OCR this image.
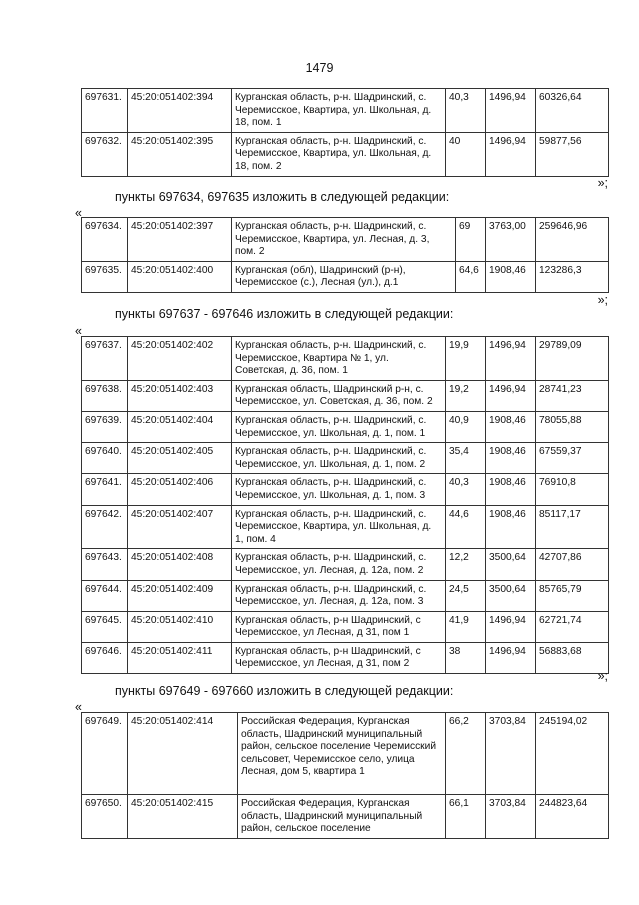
1479
697631.	45:20:051402:394	Курганская область, р-н. Шадринский, с. Черемисское, Квартира, ул. Школьная, д. 18, пом. 1	40,3	1496,94	60326,64
697632.	45:20:051402:395	Курганская область, р-н. Шадринский, с. Черемисское, Квартира, ул. Школьная, д. 18, пом. 2	40	1496,94	59877,56
»;
пункты 697634, 697635 изложить в следующей редакции:
«
697634.	45:20:051402:397	Курганская область, р-н. Шадринский, с. Черемисское, Квартира, ул. Лесная, д. 3, пом. 2	69	3763,00	259646,96
697635.	45:20:051402:400	Курганская (обл), Шадринский (р-н), Черемисское (с.), Лесная (ул.), д.1	64,6	1908,46	123286,3
»;
пункты 697637 - 697646 изложить в следующей редакции:
«
697637.	45:20:051402:402	Курганская область, р-н. Шадринский, с. Черемисское, Квартира № 1, ул. Советская, д. 36, пом. 1	19,9	1496,94	29789,09
697638.	45:20:051402:403	Курганская область, Шадринский р-н, с. Черемисское, ул. Советская, д. 36, пом. 2	19,2	1496,94	28741,23
697639.	45:20:051402:404	Курганская область, р-н. Шадринский, с. Черемисское, ул. Школьная, д. 1, пом. 1	40,9	1908,46	78055,88
697640.	45:20:051402:405	Курганская область, р-н. Шадринский, с. Черемисское, ул. Школьная, д. 1, пом. 2	35,4	1908,46	67559,37
697641.	45:20:051402:406	Курганская область, р-н. Шадринский, с. Черемисское, ул. Школьная, д. 1, пом. 3	40,3	1908,46	76910,8
697642.	45:20:051402:407	Курганская область, р-н. Шадринский, с. Черемисское, Квартира, ул. Школьная, д. 1, пом. 4	44,6	1908,46	85117,17
697643.	45:20:051402:408	Курганская область, р-н. Шадринский, с. Черемисское, ул. Лесная, д. 12а, пом. 2	12,2	3500,64	42707,86
697644.	45:20:051402:409	Курганская область, р-н. Шадринский, с. Черемисское, ул. Лесная, д. 12а, пом. 3	24,5	3500,64	85765,79
697645.	45:20:051402:410	Курганская область, р-н Шадринский, с Черемисское, ул Лесная, д 31, пом 1	41,9	1496,94	62721,74
697646.	45:20:051402:411	Курганская область, р-н Шадринский, с Черемисское, ул Лесная, д 31, пом 2	38	1496,94	56883,68
»;
пункты 697649 - 697660 изложить в следующей редакции:
«
697649.	45:20:051402:414	Российская Федерация, Курганская область, Шадринский муниципальный район, сельское поселение Черемисский сельсовет, Черемисское село, улица Лесная, дом 5, квартира 1	66,2	3703,84	245194,02
697650.	45:20:051402:415	Российская Федерация, Курганская область, Шадринский муниципальный район, сельское поселение	66,1	3703,84	244823,64
